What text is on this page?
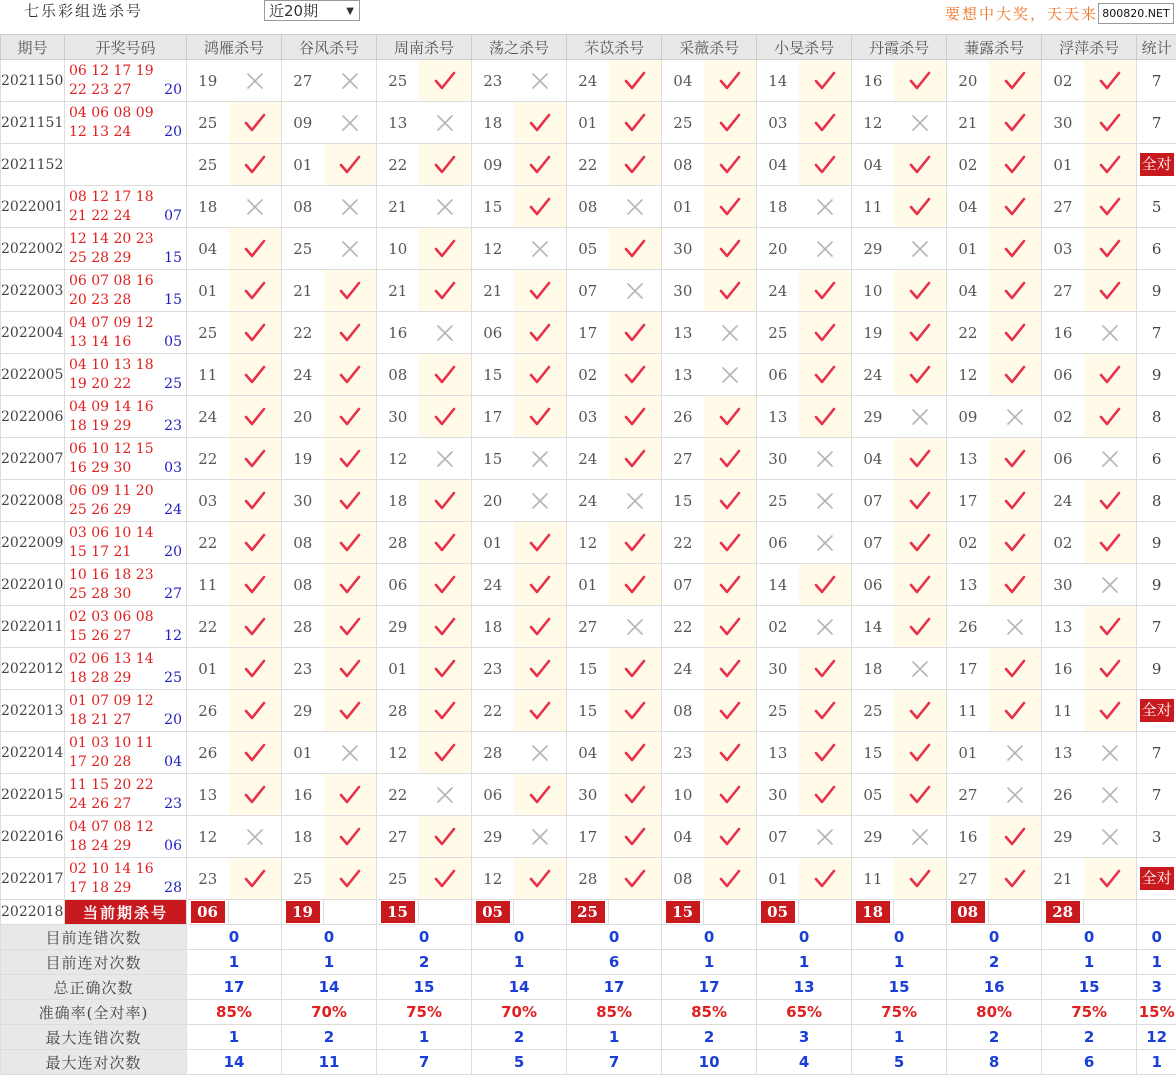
七乐彩组选杀号	近20期	▼	要想中大奖，天天来 800820.NET
期号	开奖号码	鸿雁杀号		谷风杀号		周南杀号		荡之杀号		芣苡杀号		采薇杀号		小旻杀号		丹霞杀号		蒹露杀号		浮萍杀号		统计
2021150	06 12 17 19
22 23 27 20	19		27		25		23		24		04		14		16		20		02		7
2021151	04 06 08 09
12 13 24 20	25		09		13		18		01		25		03		12		21		30		7
2021152		25		01		22		09		22		08		04		04		02		01		全对
2022001	08 12 17 18
21 22 24 07	18		08		21		15		08		01		18		11		04		27		5
2022002	12 14 20 23
25 28 29 15	04		25		10		12		05		30		20		29		01		03		6
2022003	06 07 08 16
20 23 28 15	01		21		21		21		07		30		24		10		04		27		9
2022004	04 07 09 12
13 14 16 05	25		22		16		06		17		13		25		19		22		16		7
2022005	04 10 13 18
19 20 22 25	11		24		08		15		02		13		06		24		12		06		9
2022006	04 09 14 16
18 19 29 23	24		20		30		17		03		26		13		29		09		02		8
2022007	06 10 12 15
16 29 30 03	22		19		12		15		24		27		30		04		13		06		6
2022008	06 09 11 20
25 26 29 24	03		30		18		20		24		15		25		07		17		24		8
2022009	03 06 10 14
15 17 21 20	22		08		28		01		12		22		06		07		02		02		9
2022010	10 16 18 23
25 28 30 27	11		08		06		24		01		07		14		06		13		30		9
2022011	02 03 06 08
15 26 27 12	22		28		29		18		27		22		02		14		26		13		7
2022012	02 06 13 14
18 28 29 25	01		23		01		23		15		24		30		18		17		16		9
2022013	01 07 09 12
18 21 27 20	26		29		28		22		15		08		25		25		11		11		全对
2022014	01 03 10 11
17 20 28 04	26		01		12		28		04		23		13		15		01		13		7
2022015	11 15 20 22
24 26 27 23	13		16		22		06		30		10		30		05		27		26		7
2022016	04 07 08 12
18 24 29 06	12		18		27		29		17		04		07		29		16		29		3
2022017	02 10 14 16
17 18 29 28	23		25		25		12		28		08		01		11		27		21		全对
2022018	当前期杀号	06		19		15		05		25		15		05		18		08		28		
目前连错次数		0		0		0		0		0		0		0		0		0		0		0
目前连对次数		1		1		2		1		6		1		1		1		2		1		1
总正确次数		17		14		15		14		17		17		13		15		16		15		3
准确率(全对率)		85%		70%		75%		70%		85%		85%		65%		75%		80%		75%		15%
最大连错次数		1		2		1		2		1		2		3		1		2		2		12
最大连对次数		14		11		7		5		7		10		4		5		8		6		1
